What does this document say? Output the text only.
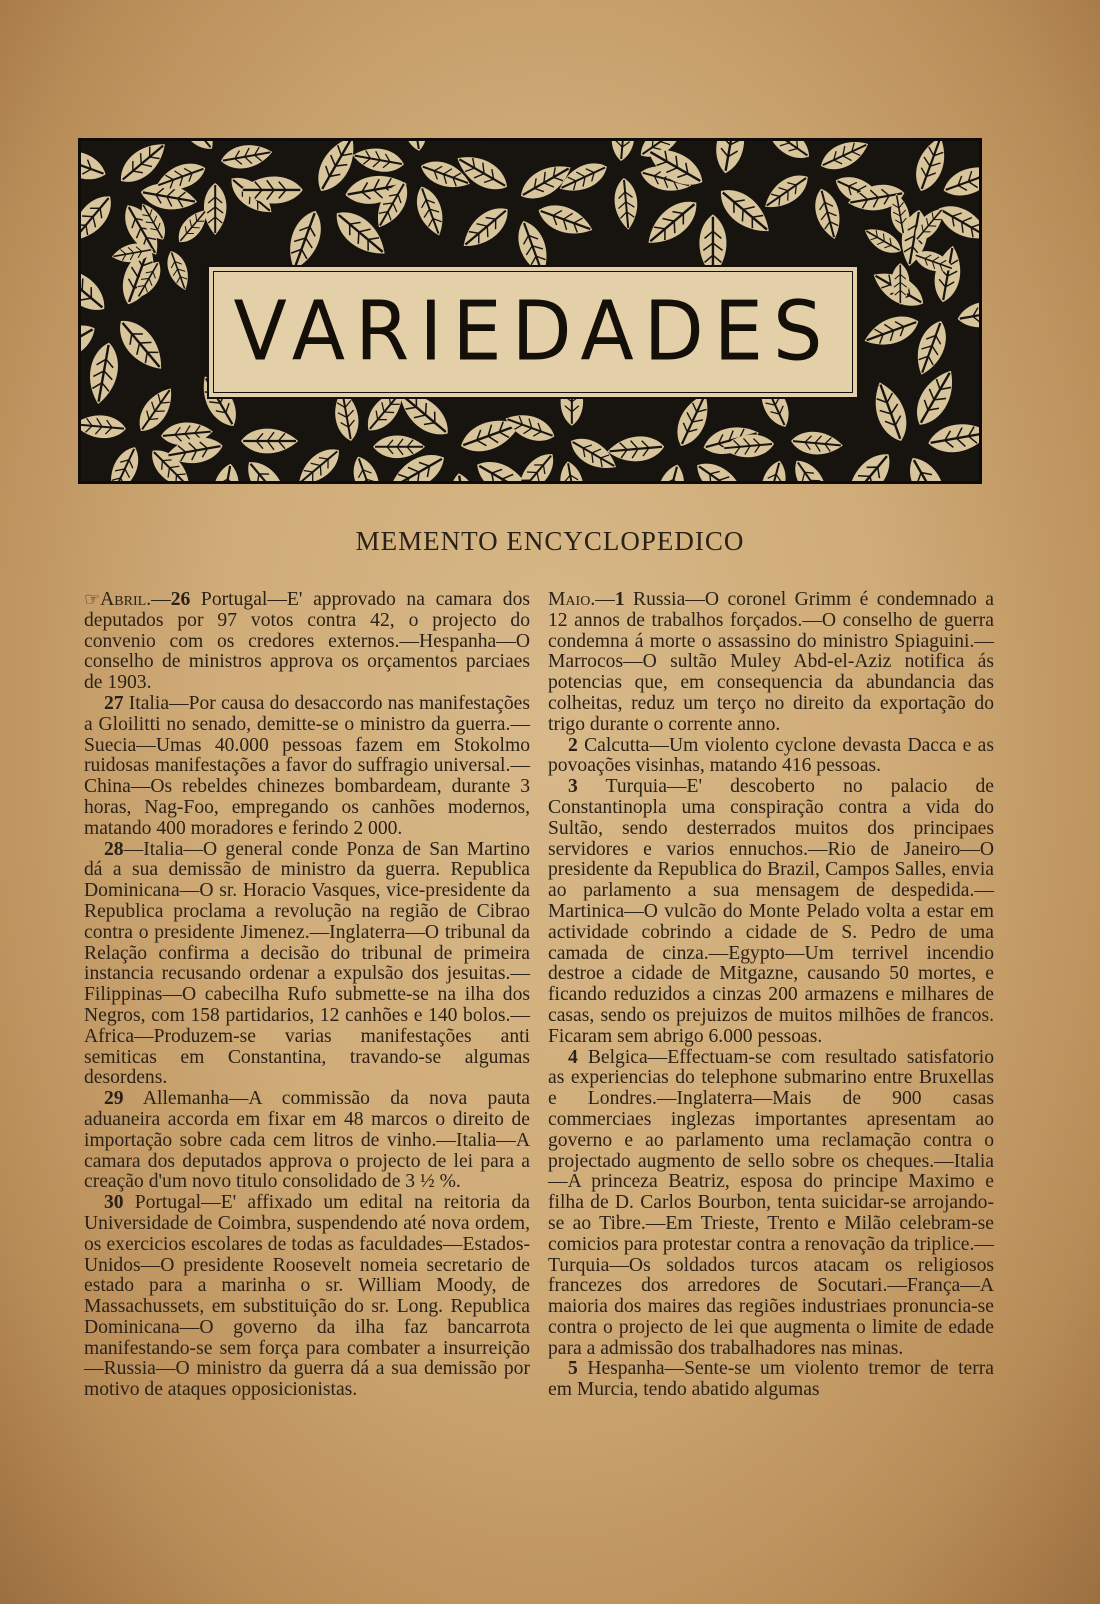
VARIEDADES
MEMENTO ENCYCLOPEDICO

☞Abril.—26 Portugal—E' approvado na camara dos deputados por 97 votos contra 42, o projecto do convenio com os credores externos.—Hespanha—O conselho de ministros approva os orçamentos parciaes de 1903.

27 Italia—Por causa do desaccordo nas manifestações a Gloilitti no senado, demitte-se o ministro da guerra.—Suecia—Umas 40.000 pessoas fazem em Stokolmo ruidosas manifestações a favor do suffragio universal.— China—Os rebeldes chinezes bombardeam, durante 3 horas, Nag-Foo, empregando os canhões modernos, matando 400 moradores e ferindo 2 000.

28—Italia—O general conde Ponza de San Martino dá a sua demissão de ministro da guerra. Republica Dominicana—O sr. Horacio Vasques, vice-presidente da Republica proclama a revolução na região de Cibrao contra o presidente Jimenez.—Inglaterra—O tribunal da Relação confirma a decisão do tribunal de primeira instancia recusando ordenar a expulsão dos jesuitas.—Filippinas—O cabecilha Rufo submette-se na ilha dos Negros, com 158 partidarios, 12 canhões e 140 bolos.—Africa—Produzem-se varias manifestações anti semiticas em Constantina, travando-se algumas desordens.

29 Allemanha—A commissão da nova pauta aduaneira accorda em fixar em 48 marcos o direito de importação sobre cada cem litros de vinho.—Italia—A camara dos deputados approva o projecto de lei para a creação d'um novo titulo consolidado de 3 ½ %.

30 Portugal—E' affixado um edital na reitoria da Universidade de Coimbra, suspendendo até nova ordem, os exercicios escolares de todas as faculdades—Estados-Unidos—O presidente Roosevelt nomeia secretario de estado para a marinha o sr. William Moody, de Massachussets, em substituição do sr. Long. Republica Dominicana—O governo da ilha faz bancarrota manifestando-se sem força para combater a insurreição—Russia—O ministro da guerra dá a sua demissão por motivo de ataques opposicionistas.

Maio.—1 Russia—O coronel Grimm é condemnado a 12 annos de trabalhos forçados.—O conselho de guerra condemna á morte o assassino do ministro Spiaguini.—Marrocos—O sultão Muley Abd-el-Aziz notifica ás potencias que, em consequencia da abundancia das colheitas, reduz um terço no direito da exportação do trigo durante o corrente anno.

2 Calcutta—Um violento cyclone devasta Dacca e as povoações visinhas, matando 416 pessoas.

3 Turquia—E' descoberto no palacio de Constantinopla uma conspiração contra a vida do Sultão, sendo desterrados muitos dos principaes servidores e varios ennuchos.—Rio de Janeiro—O presidente da Republica do Brazil, Campos Salles, envia ao parlamento a sua mensagem de despedida.—Martinica—O vulcão do Monte Pelado volta a estar em actividade cobrindo a cidade de S. Pedro de uma camada de cinza.—Egypto—Um terrivel incendio destroe a cidade de Mitgazne, causando 50 mortes, e ficando reduzidos a cinzas 200 armazens e milhares de casas, sendo os prejuizos de muitos milhões de francos. Ficaram sem abrigo 6.000 pessoas.

4 Belgica—Effectuam-se com resultado satisfatorio as experiencias do telephone submarino entre Bruxellas e Londres.—Inglaterra—Mais de 900 casas commerciaes inglezas importantes apresentam ao governo e ao parlamento uma reclamação contra o projectado augmento de sello sobre os cheques.—Italia—A princeza Beatriz, esposa do principe Maximo e filha de D. Carlos Bourbon, tenta suicidar-se arrojando-se ao Tibre.—Em Trieste, Trento e Milão celebram-se comicios para protestar contra a renovação da triplice.—Turquia—Os soldados turcos atacam os religiosos francezes dos arredores de Socutari.—França—A maioria dos maires das regiões industriaes pronuncia-se contra o projecto de lei que augmenta o limite de edade para a admissão dos trabalhadores nas minas.

5 Hespanha—Sente-se um violento tremor de terra em Murcia, tendo abatido algumas
